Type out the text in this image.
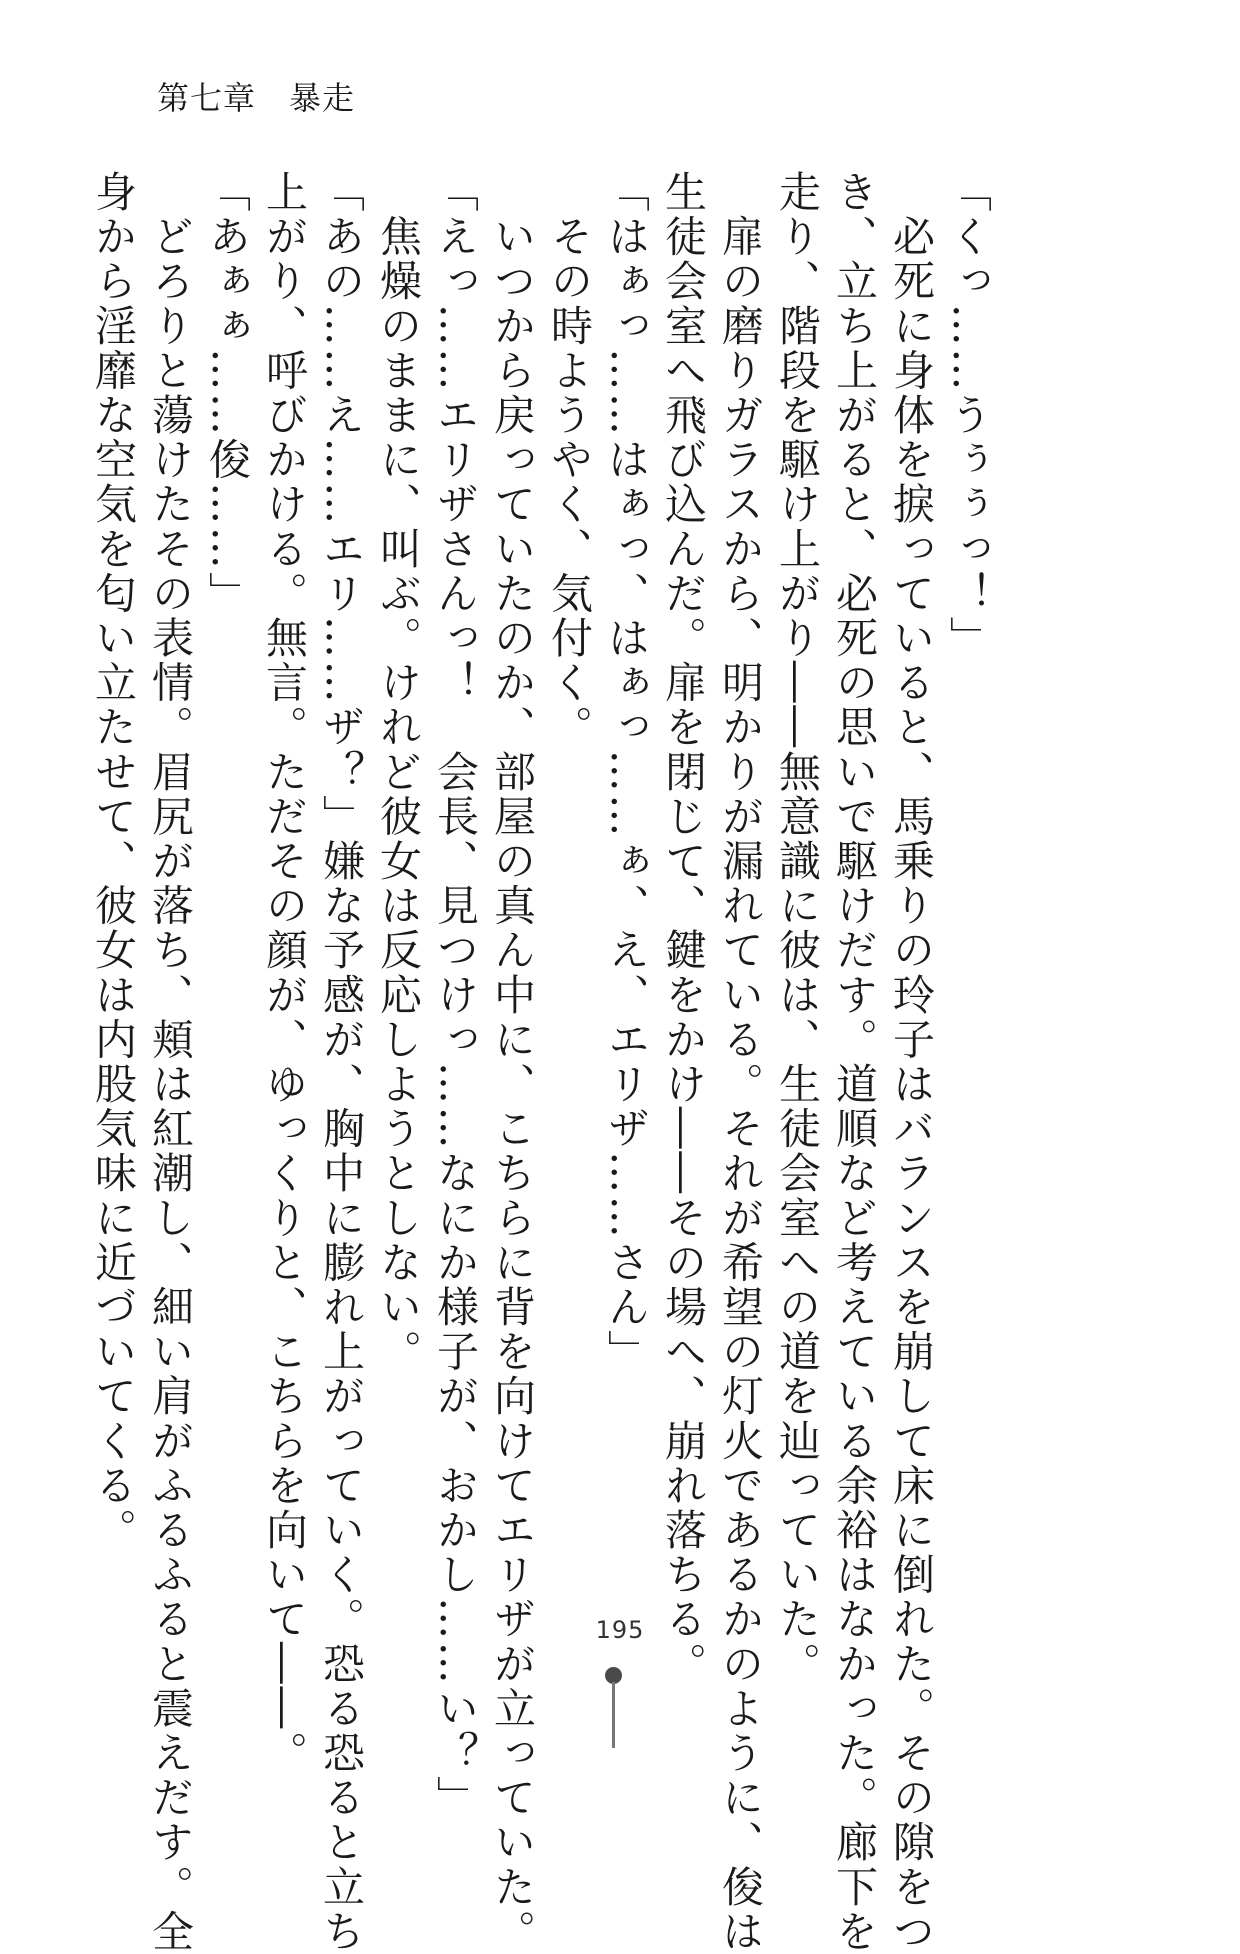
第七章　暴走
「くっ……うぅぅっ！」
　必死に身体を捩っていると、馬乗りの玲子はバランスを崩して床に倒れた。その隙をつ
き、立ち上がると、必死の思いで駆けだす。道順など考えている余裕はなかった。廊下を
走り、階段を駆け上がり――無意識に彼は、生徒会室への道を辿っていた。
　扉の磨りガラスから、明かりが漏れている。それが希望の灯火であるかのように、俊は
生徒会室へ飛び込んだ。扉を閉じて、鍵をかけ――その場へ、崩れ落ちる。
「はぁっ……はぁっ、はぁっ……ぁ、え、エリザ……さん」
　その時ようやく、気付く。
　いつから戻っていたのか、部屋の真ん中に、こちらに背を向けてエリザが立っていた。
「えっ……エリザさんっ！　会長、見つけっ……なにか様子が、おかし……い？」
　焦燥のままに、叫ぶ。けれど彼女は反応しようとしない。
「あの……え……エリ……ザ？」嫌な予感が、胸中に膨れ上がっていく。恐る恐ると立ち
上がり、呼びかける。無言。ただその顔が、ゆっくりと、こちらを向いて――。
「あぁぁ……俊……」
　どろりと蕩けたその表情。眉尻が落ち、頬は紅潮し、細い肩がふるふると震えだす。全
身から淫靡な空気を匂い立たせて、彼女は内股気味に近づいてくる。
195
